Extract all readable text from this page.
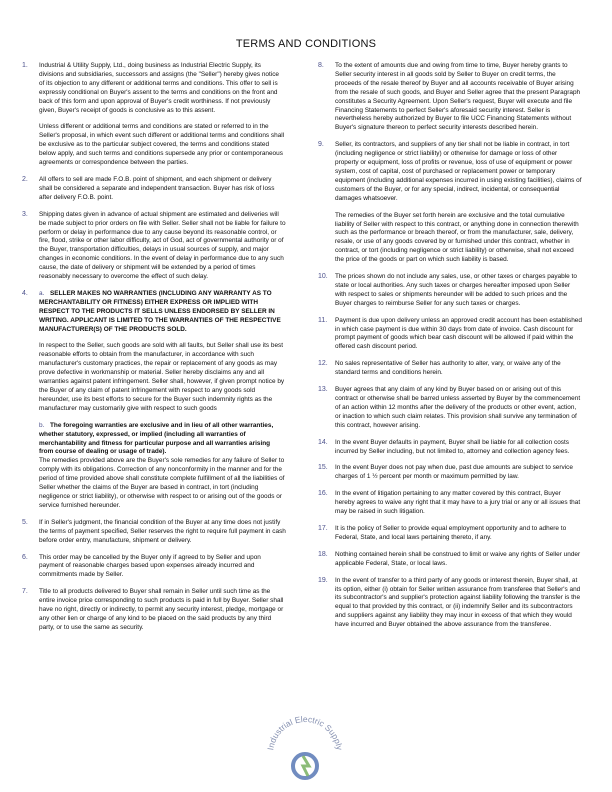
TERMS AND CONDITIONS
1.	Industrial & Utility Supply, Ltd., doing business as Industrial Electric Supply, its divisions and subsidiaries, successors and assigns (the "Seller") hereby gives notice of its objection to any different or additional terms and conditions. This offer to sell is expressly conditional on Buyer's assent to the terms and conditions on the front and back of this form and upon approval of Buyer's credit worthiness. If not previously given, Buyer's receipt of goods is conclusive as to this assent.
Unless different or additional terms and conditions are stated or referred to in the Seller's proposal, in which event such different or additional terms and conditions shall be exclusive as to the particular subject covered, the terms and conditions stated below apply, and such terms and conditions supersede any prior or contemporaneous agreements or correspondence between the parties.
2.	All offers to sell are made F.O.B. point of shipment, and each shipment or delivery shall be considered a separate and independent transaction. Buyer has risk of loss after delivery F.O.B. point.
3.	Shipping dates given in advance of actual shipment are estimated and deliveries will be made subject to prior orders on file with Seller. Seller shall not be liable for failure to perform or delay in performance due to any cause beyond its reasonable control, or fire, flood, strike or other labor difficulty, act of God, act of governmental authority or of the Buyer, transportation difficulties, delays in usual sources of supply, and major changes in economic conditions. In the event of delay in performance due to any such cause, the date of delivery or shipment will be extended by a period of times reasonably necessary to overcome the effect of such delay.
4.	a. SELLER MAKES NO WARRANTIES (INCLUDING ANY WARRANTY AS TO MERCHANTABILITY OR FITNESS) EITHER EXPRESS OR IMPLIED WITH RESPECT TO THE PRODUCTS IT SELLS UNLESS ENDORSED BY SELLER IN WRITING. APPLICANT IS LIMITED TO THE WARRANTIES OF THE RESPECTIVE MANUFACTURER(S) OF THE PRODUCTS SOLD.
In respect to the Seller, such goods are sold with all faults, but Seller shall use its best reasonable efforts to obtain from the manufacturer, in accordance with such manufacturer's customary practices, the repair or replacement of any goods as may prove defective in workmanship or material. Seller hereby disclaims any and all warranties against patent infringement. Seller shall, however, if given prompt notice by the Buyer of any claim of patent infringement with respect to any goods sold hereunder, use its best efforts to secure for the Buyer such indemnity rights as the manufacturer may customarily give with respect to such goods
b. The foregoing warranties are exclusive and in lieu of all other warranties, whether statutory, expressed, or implied (including all warranties of merchantability and fitness for particular purpose and all warranties arising from course of dealing or usage of trade).
The remedies provided above are the Buyer's sole remedies for any failure of Seller to comply with its obligations. Correction of any nonconformity in the manner and for the period of time provided above shall constitute complete fulfillment of all the liabilities of Seller whether the claims of the Buyer are based in contract, in tort (including negligence or strict liability), or otherwise with respect to or arising out of the goods or service furnished hereunder.
5.	If in Seller's judgment, the financial condition of the Buyer at any time does not justify the terms of payment specified, Seller reserves the right to require full payment in cash before order entry, manufacture, shipment or delivery.
6.	This order may be cancelled by the Buyer only if agreed to by Seller and upon payment of reasonable charges based upon expenses already incurred and commitments made by Seller.
7.	Title to all products delivered to Buyer shall remain in Seller until such time as the entire invoice price corresponding to such products is paid in full by Buyer. Seller shall have no right, directly or indirectly, to permit any security interest, pledge, mortgage or any other lien or charge of any kind to be placed on the said products by any third party, or to use the same as security.
8.	To the extent of amounts due and owing from time to time, Buyer hereby grants to Seller security interest in all goods sold by Seller to Buyer on credit terms, the proceeds of the resale thereof by Buyer and all accounts receivable of Buyer arising from the resale of such goods, and Buyer and Seller agree that the present Paragraph constitutes a Security Agreement. Upon Seller's request, Buyer will execute and file Financing Statements to perfect Seller's aforesaid security interest. Seller is nevertheless hereby authorized by Buyer to file UCC Financing Statements without Buyer's signature thereon to perfect security interests described herein.
9.	Seller, its contractors, and suppliers of any tier shall not be liable in contract, in tort (including negligence or strict liability) or otherwise for damage or loss of other property or equipment, loss of profits or revenue, loss of use of equipment or power system, cost of capital, cost of purchased or replacement power or temporary equipment (including additional expenses incurred in using existing facilities), claims of customers of the Buyer, or for any special, indirect, incidental, or consequential damages whatsoever.
The remedies of the Buyer set forth herein are exclusive and the total cumulative liability of Seller with respect to this contract, or anything done in connection therewith such as the performance or breach thereof, or from the manufacturer, sale, delivery, resale, or use of any goods covered by or furnished under this contract, whether in contract, or tort (including negligence or strict liability) or otherwise, shall not exceed the price of the goods or part on which such liability is based.
10.	The prices shown do not include any sales, use, or other taxes or charges payable to state or local authorities. Any such taxes or charges hereafter imposed upon Seller with respect to sales or shipments hereunder will be added to such prices and the Buyer charges to reimburse Seller for any such taxes or charges.
11.	Payment is due upon delivery unless an approved credit account has been established in which case payment is due within 30 days from date of invoice. Cash discount for prompt payment of goods which bear cash discount will be allowed if paid within the offered cash discount period.
12.	No sales representative of Seller has authority to alter, vary, or waive any of the standard terms and conditions herein.
13.	Buyer agrees that any claim of any kind by Buyer based on or arising out of this contract or otherwise shall be barred unless asserted by Buyer by the commencement of an action within 12 months after the delivery of the products or other event, action, or inaction to which such claim relates. This provision shall survive any termination of this contract, however arising.
14.	In the event Buyer defaults in payment, Buyer shall be liable for all collection costs incurred by Seller including, but not limited to, attorney and collection agency fees.
15.	In the event Buyer does not pay when due, past due amounts are subject to service charges of 1 ½ percent per month or maximum permitted by law.
16.	In the event of litigation pertaining to any matter covered by this contract, Buyer hereby agrees to waive any right that it may have to a jury trial or any or all issues that may be raised in such litigation.
17.	It is the policy of Seller to provide equal employment opportunity and to adhere to Federal, State, and local laws pertaining thereto, if any.
18.	Nothing contained herein shall be construed to limit or waive any rights of Seller under applicable Federal, State, or local laws.
19.	In the event of transfer to a third party of any goods or interest therein, Buyer shall, at its option, either (i) obtain for Seller written assurance from transferee that Seller's and its subcontractor's and supplier's protection against liability following the transfer is the equal to that provided by this contract, or (ii) indemnify Seller and its subcontractors and suppliers against any liability they may incur in excess of that which they would have incurred and Buyer obtained the above assurance from the transferee.
Industrial Electric Supply
